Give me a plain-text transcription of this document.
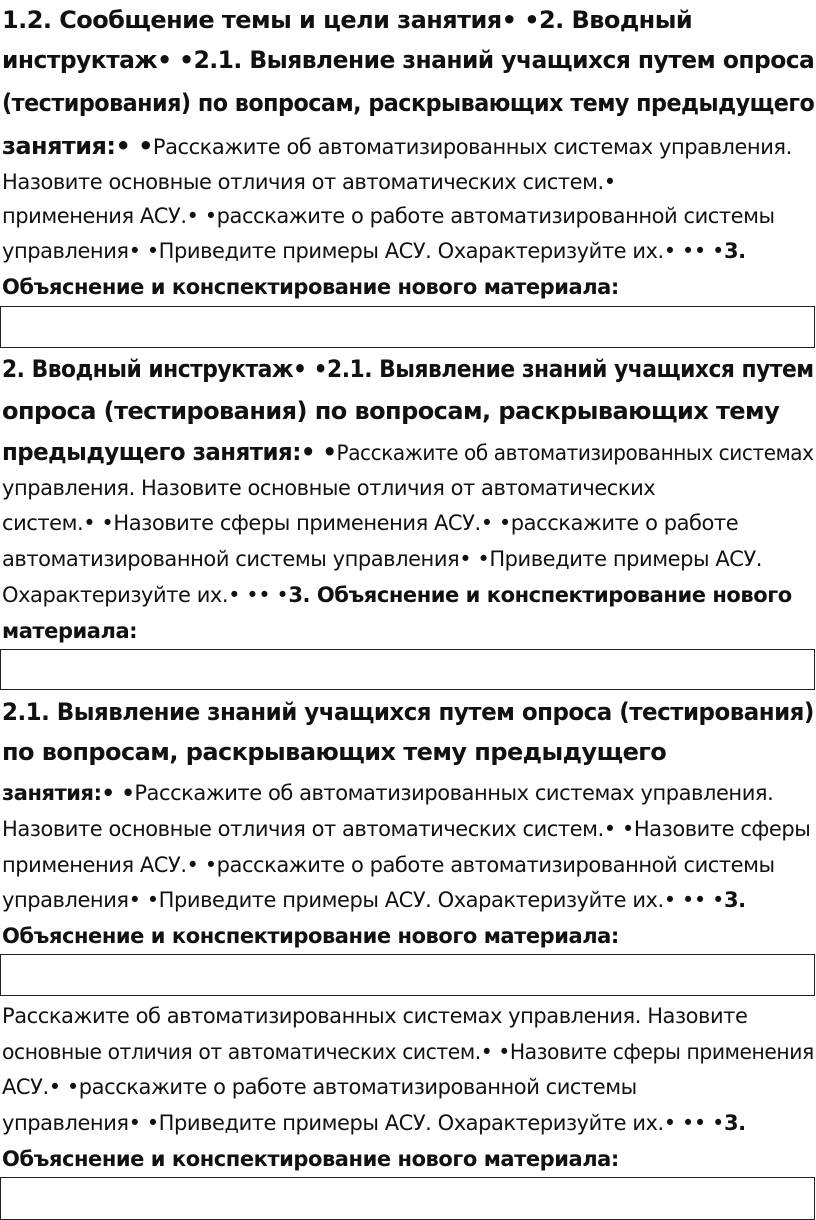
1.2. Сообщение темы и цели занятия• •2. Вводный
инструктаж• •2.1. Выявление знаний учащихся путем опроса
(тестирования) по вопросам, раскрывающих тему предыдущего
занятия:• •Расскажите об автоматизированных системах управления.
Назовите основные отличия от автоматических систем.•
применения АСУ.• •расскажите о работе автоматизированной системы
управления• •Приведите примеры АСУ. Охарактеризуйте их.• •• •3.
Объяснение и конспектирование нового материала:
2. Вводный инструктаж• •2.1. Выявление знаний учащихся путем
опроса (тестирования) по вопросам, раскрывающих тему
предыдущего занятия:• •Расскажите об автоматизированных системах
управления. Назовите основные отличия от автоматических
систем.• •Назовите сферы применения АСУ.• •расскажите о работе
автоматизированной системы управления• •Приведите примеры АСУ.
Охарактеризуйте их.• •• •3. Объяснение и конспектирование нового
материала:
2.1. Выявление знаний учащихся путем опроса (тестирования)
по вопросам, раскрывающих тему предыдущего
занятия:• •Расскажите об автоматизированных системах управления.
Назовите основные отличия от автоматических систем.• •Назовите сферы
применения АСУ.• •расскажите о работе автоматизированной системы
управления• •Приведите примеры АСУ. Охарактеризуйте их.• •• •3.
Объяснение и конспектирование нового материала:
Расскажите об автоматизированных системах управления. Назовите
основные отличия от автоматических систем.• •Назовите сферы применения
АСУ.• •расскажите о работе автоматизированной системы
управления• •Приведите примеры АСУ. Охарактеризуйте их.• •• •3.
Объяснение и конспектирование нового материала:
